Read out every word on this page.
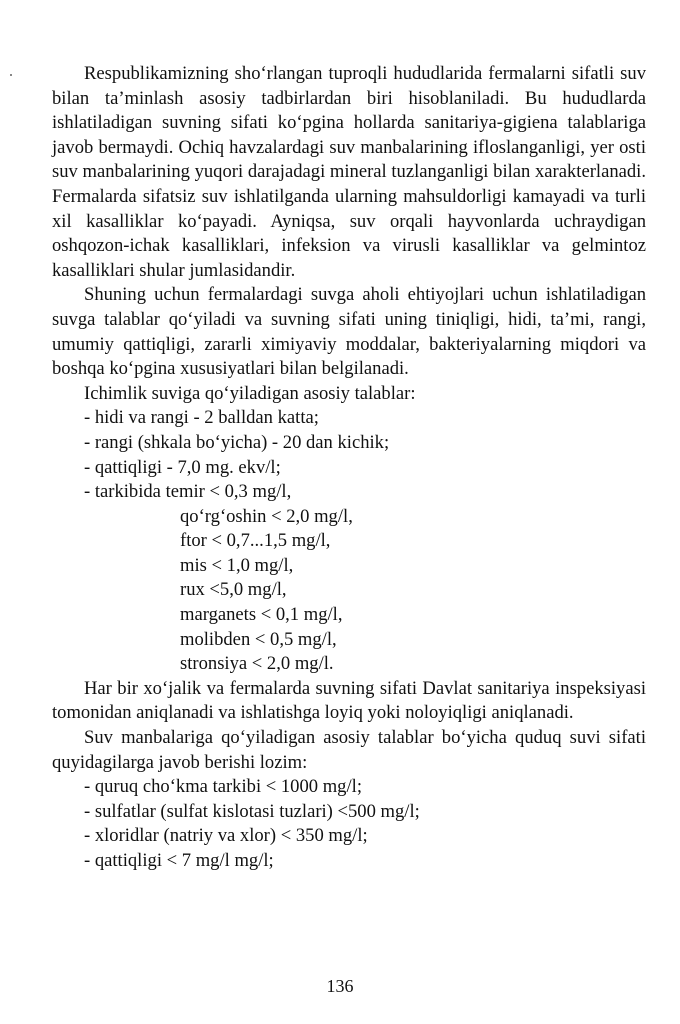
Respublikamizning sho‘rlangan tuproqli hududlarida fermalarni sifatli suv bilan ta’minlash asosiy tadbirlardan biri hisoblaniladi. Bu hududlarda ishlatiladigan suvning sifati ko‘pgina hollarda sanitariya-gigiena talablariga javob bermaydi. Ochiq havzalardagi suv manbalarining ifloslanganligi, yer osti suv manbalarining yuqori darajadagi mineral tuzlanganligi bilan xarakterlanadi. Fermalarda sifatsiz suv ishlatilganda ularning mahsuldorligi kamayadi va turli xil kasalliklar ko‘payadi. Ayniqsa, suv orqali hayvonlarda uchraydigan oshqozon-ichak kasalliklari, infeksion va virusli kasalliklar va gelmintoz kasalliklari shular jumlasidandir.

Shuning uchun fermalardagi suvga aholi ehtiyojlari uchun ishlatiladigan suvga talablar qo‘yiladi va suvning sifati uning tiniqligi, hidi, ta’mi, rangi, umumiy qattiqligi, zararli ximiyaviy moddalar, bakteriyalarning miqdori va boshqa ko‘pgina xususiyatlari bilan belgilanadi.

Ichimlik suviga qo‘yiladigan asosiy talablar:

- hidi va rangi - 2 balldan katta;
- rangi (shkala bo‘yicha) - 20 dan kichik;
- qattiqligi - 7,0 mg. ekv/l;
- tarkibida temir < 0,3 mg/l,
qo‘rg‘oshin < 2,0 mg/l,
ftor < 0,7...1,5 mg/l,
mis < 1,0 mg/l,
rux <5,0 mg/l,
marganets < 0,1 mg/l,
molibden < 0,5 mg/l,
stronsiya < 2,0 mg/l.

Har bir xo‘jalik va fermalarda suvning sifati Davlat sanitariya inspeksiyasi tomonidan aniqlanadi va ishlatishga loyiq yoki noloyiqligi aniqlanadi.

Suv manbalariga qo‘yiladigan asosiy talablar bo‘yicha quduq suvi sifati quyidagilarga javob berishi lozim:

- quruq cho‘kma tarkibi < 1000 mg/l;
- sulfatlar (sulfat kislotasi tuzlari) <500 mg/l;
- xloridlar (natriy va xlor) < 350 mg/l;
- qattiqligi < 7 mg/l mg/l;
136
